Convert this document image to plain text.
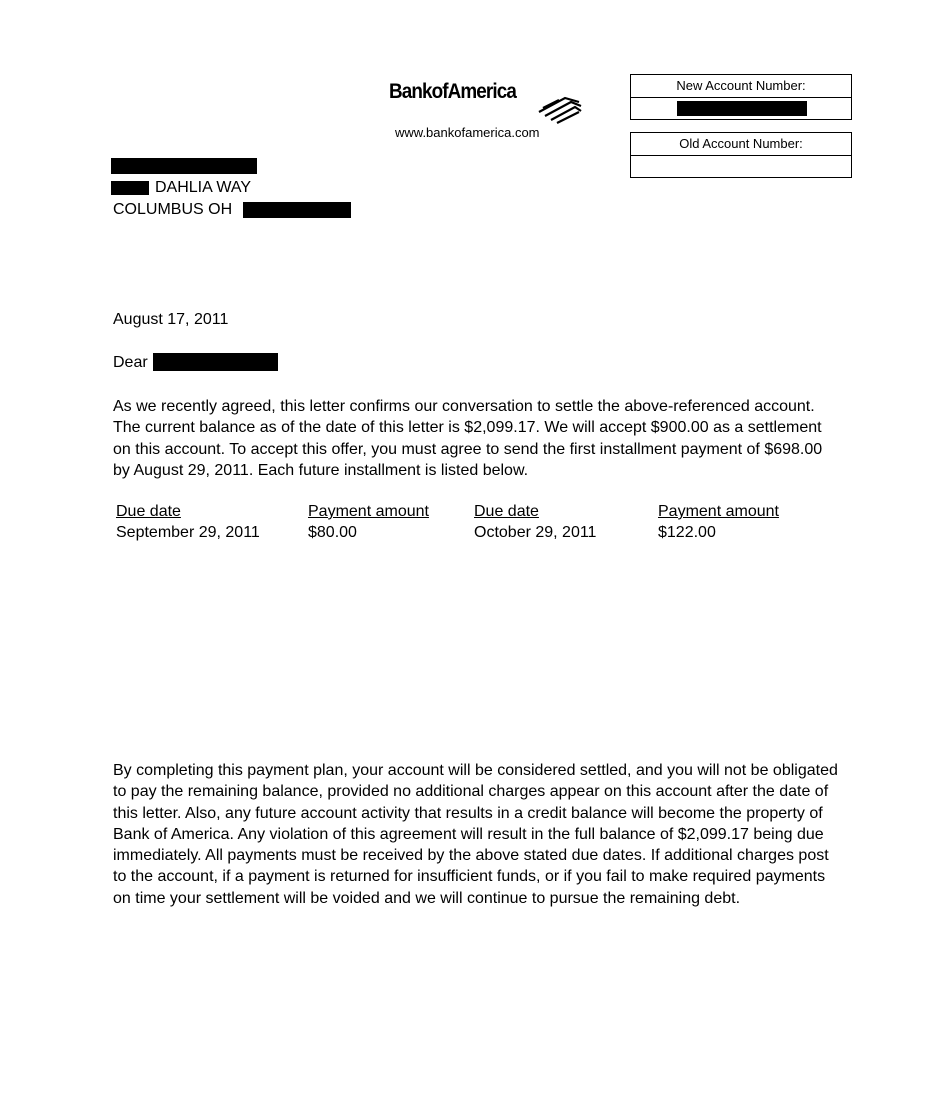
BankofAmerica
www.bankofamerica.com
New Account Number:
Old Account Number:
DAHLIA WAY
COLUMBUS OH
August 17, 2011
Dear
As we recently agreed, this letter confirms our conversation to settle the above-referenced account. The current balance as of the date of this letter is $2,099.17. We will accept $900.00 as a settlement on this account. To accept this offer, you must agree to send the first installment payment of $698.00 by August 29, 2011. Each future installment is listed below.
Due date	Payment amount	Due date	Payment amount
September 29, 2011	$80.00	October 29, 2011	$122.00
By completing this payment plan, your account will be considered settled, and you will not be obligated to pay the remaining balance, provided no additional charges appear on this account after the date of this letter. Also, any future account activity that results in a credit balance will become the property of Bank of America. Any violation of this agreement will result in the full balance of $2,099.17 being due immediately. All payments must be received by the above stated due dates. If additional charges post to the account, if a payment is returned for insufficient funds, or if you fail to make required payments on time your settlement will be voided and we will continue to pursue the remaining debt.
